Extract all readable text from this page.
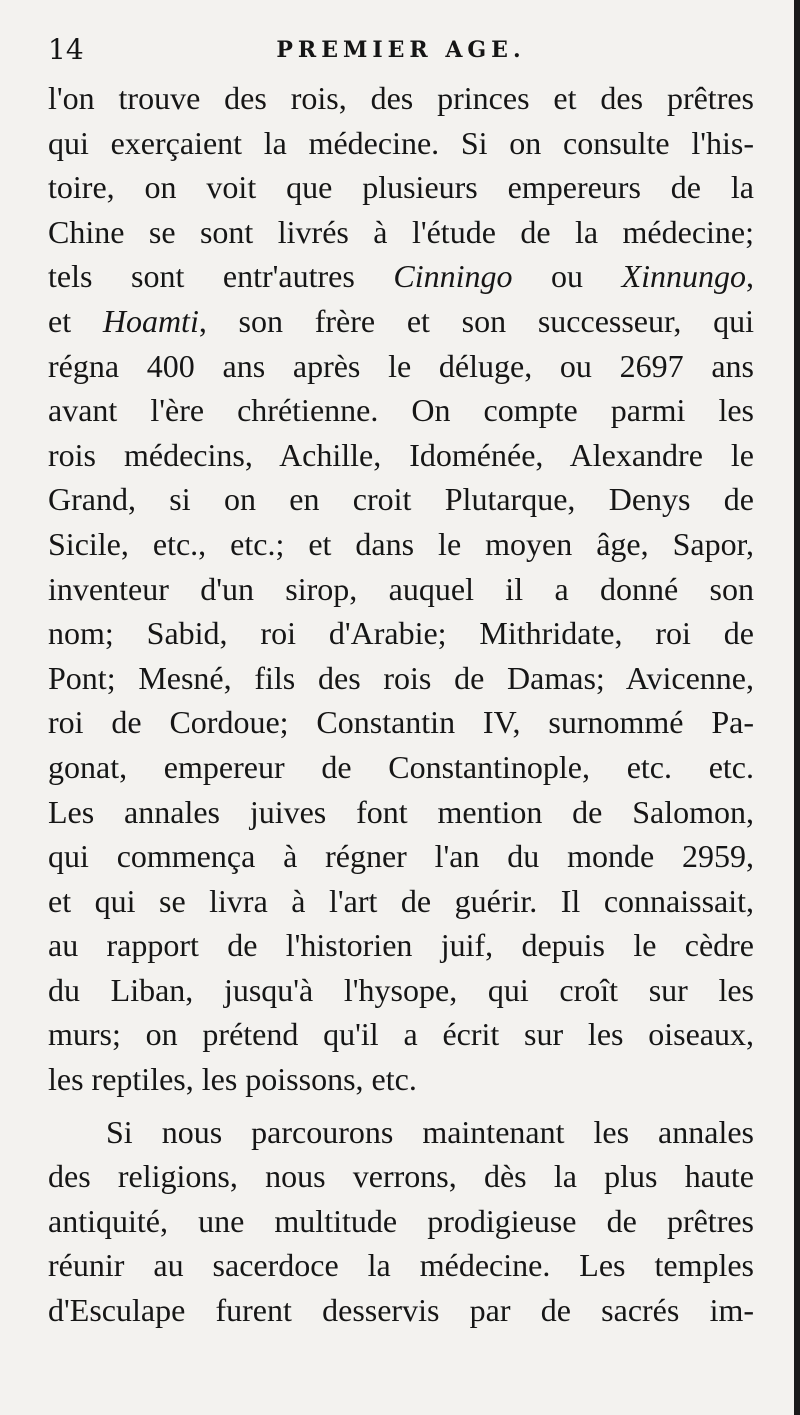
14	PREMIER AGE.
l'on trouve des rois, des princes et des prêtres
qui exerçaient la médecine. Si on consulte l'his-
toire, on voit que plusieurs empereurs de la
Chine se sont livrés à l'étude de la médecine;
tels sont entr'autres Cinningo ou Xinnungo,
et Hoamti, son frère et son successeur, qui
régna 400 ans après le déluge, ou 2697 ans
avant l'ère chrétienne. On compte parmi les
rois médecins, Achille, Idoménée, Alexandre le
Grand, si on en croit Plutarque, Denys de
Sicile, etc., etc.; et dans le moyen âge, Sapor,
inventeur d'un sirop, auquel il a donné son
nom; Sabid, roi d'Arabie; Mithridate, roi de
Pont; Mesné, fils des rois de Damas; Avicenne,
roi de Cordoue; Constantin IV, surnommé Pa-
gonat, empereur de Constantinople, etc. etc.
Les annales juives font mention de Salomon,
qui commença à régner l'an du monde 2959,
et qui se livra à l'art de guérir. Il connaissait,
au rapport de l'historien juif, depuis le cèdre
du Liban, jusqu'à l'hysope, qui croît sur les
murs; on prétend qu'il a écrit sur les oiseaux,
les reptiles, les poissons, etc.
Si nous parcourons maintenant les annales
des religions, nous verrons, dès la plus haute
antiquité, une multitude prodigieuse de prêtres
réunir au sacerdoce la médecine. Les temples
d'Esculape furent desservis par de sacrés im-
